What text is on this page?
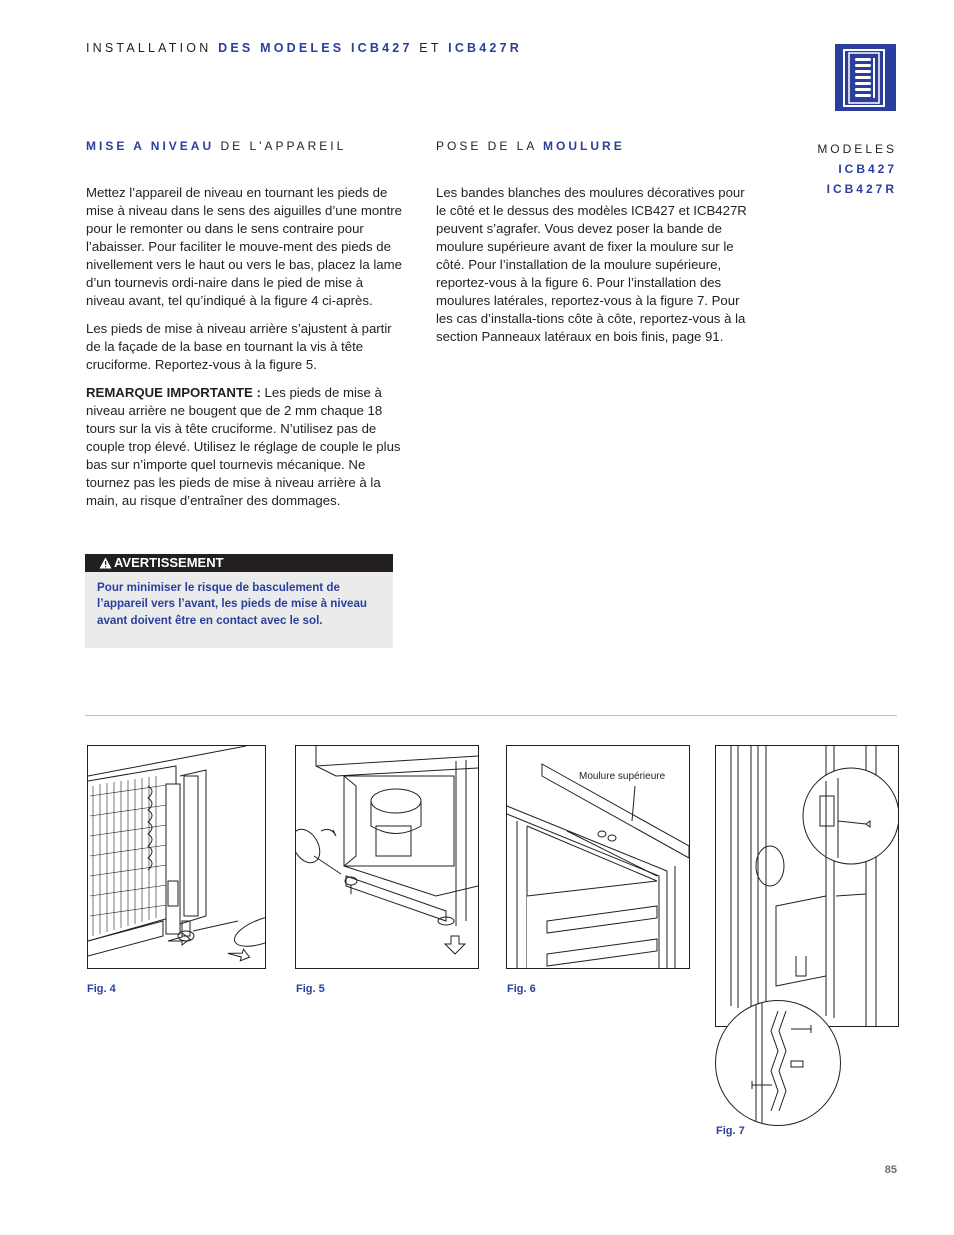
INSTALLATION DES MODELES ICB427 ET ICB427R
MISE A NIVEAU DE L'APPAREIL	POSE DE LA MOULURE	MODELES
ICB427
ICB427R

Mettez l’appareil de niveau en tournant les pieds de mise à niveau dans le sens des aiguilles d’une montre pour le remonter ou dans le sens contraire pour l’abaisser. Pour faciliter le mouve-ment des pieds de nivellement vers le haut ou vers le bas, placez la lame d’un tournevis ordi-naire dans le pied de mise à niveau avant, tel qu’indiqué à la figure 4 ci-après.

Les pieds de mise à niveau arrière s’ajustent à partir de la façade de la base en tournant la vis à tête cruciforme. Reportez-vous à la figure 5.

REMARQUE IMPORTANTE : Les pieds de mise à niveau arrière ne bougent que de 2 mm chaque 18 tours sur la vis à tête cruciforme. N’utilisez pas de couple trop élevé. Utilisez le réglage de couple le plus bas sur n’importe quel tournevis mécanique. Ne tournez pas les pieds de mise à niveau arrière à la main, au risque d’entraîner des dommages.

AVERTISSEMENT
Pour minimiser le risque de basculement de l’appareil vers l’avant, les pieds de mise à niveau avant doivent être en contact avec le sol.

Les bandes blanches des moulures décoratives pour le côté et le dessus des modèles ICB427 et ICB427R peuvent s’agrafer. Vous devez poser la bande de moulure supérieure avant de fixer la moulure sur le côté. Pour l’installation de la moulure supérieure, reportez-vous à la figure 6. Pour l’installation des moulures latérales, reportez-vous à la figure 7. Pour les cas d’installa-tions côte à côte, reportez-vous à la section Panneaux latéraux en bois finis, page 91.

Fig. 4	Fig. 5
Moulure supérieure
Fig. 6
Fig. 7
85
